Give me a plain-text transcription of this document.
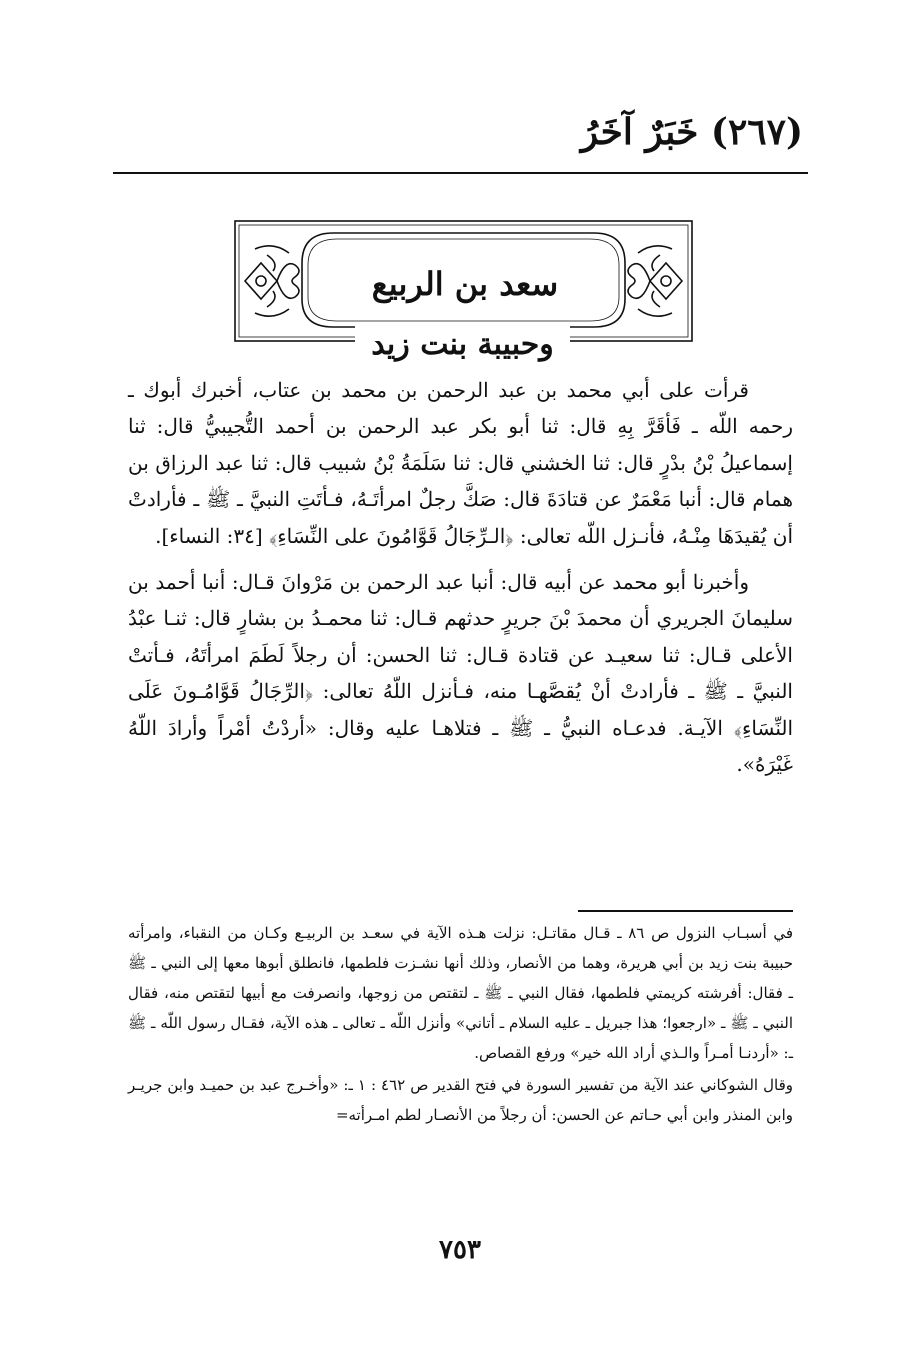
(٢٦٧) خَبَرٌ آخَرُ
سعد بن الربيع
وحبيبة بنت زيد

قرأت على أبي محمد بن عبد الرحمن بن محمد بن عتاب، أخبرك أبوك ـ رحمه اللّه ـ فَأقَرَّ بِهِ قال: ثنا أبو بكر عبد الرحمن بن أحمد التُّجيبيُّ قال: ثنا إسماعيلُ بْنُ بدْرٍ قال: ثنا الخشني قال: ثنا سَلَمَةُ بْنُ شبيب قال: ثنا عبد الرزاق بن همام قال: أنبا مَعْمَرٌ عن قتادَةَ قال: صَكَّ رجلٌ امرأتَـهُ، فـأتَتِ النبيَّ ـ ﷺ ـ فأرادتْ أن يُقيدَهَا مِنْـهُ، فأنـزل اللّه تعالى: ﴿الـرِّجَالُ قَوَّامُونَ على النِّسَاءِ﴾ [٣٤: النساء].

وأخبرنا أبو محمد عن أبيه قال: أنبا عبد الرحمن بن مَرْوانَ قـال: أنبا أحمد بن سليمانَ الجريري أن محمدَ بْنَ جريرٍ حدثهم قـال: ثنا محمـدُ بن بشارٍ قال: ثنـا عبْدُ الأعلى قـال: ثنا سعيـد عن قتادة قـال: ثنا الحسن: أن رجلاً لَطَمَ امرأتَهُ، فـأتتْ النبيَّ ـ ﷺ ـ فأرادتْ أنْ يُقصَّهـا منه، فـأنزل اللّهُ تعالى: ﴿الرِّجَالُ قَوَّامُـونَ عَلَى النِّسَاءِ﴾ الآيـة. فدعـاه النبيُّ ـ ﷺ ـ فتلاهـا عليه وقال: «أردْتُ أمْراً وأرادَ اللّهُ غَيْرَهُ».

في أسبـاب النزول ص ٨٦ ـ قـال مقاتـل: نزلت هـذه الآية في سعـد بن الربيـع وكـان من النقباء، وامرأته حبيبة بنت زيد بن أبي هريرة، وهما من الأنصار، وذلك أنها نشـزت فلطمها، فانطلق أبوها معها إلى النبي ـ ﷺ ـ فقال: أفرشته كريمتي فلطمها، فقال النبي ـ ﷺ ـ لتقتص من زوجها، وانصرفت مع أبيها لتقتص منه، فقال النبي ـ ﷺ ـ «ارجعوا؛ هذا جبريل ـ عليه السلام ـ أتاني» وأنزل اللّه ـ تعالى ـ هذه الآية، فقـال رسول اللّه ـ ﷺ ـ: «أردنـا أمـراً والـذي أراد الله خير» ورفع القصاص.

وقال الشوكاني عند الآية من تفسير السورة في فتح القدير ص ٤٦٢ : ١ ـ: «وأخـرج عبد بن حميـد وابن جريـر وابن المنذر وابن أبي حـاتم عن الحسن: أن رجلاً من الأنصـار لطم امـرأته=

٧٥٣
